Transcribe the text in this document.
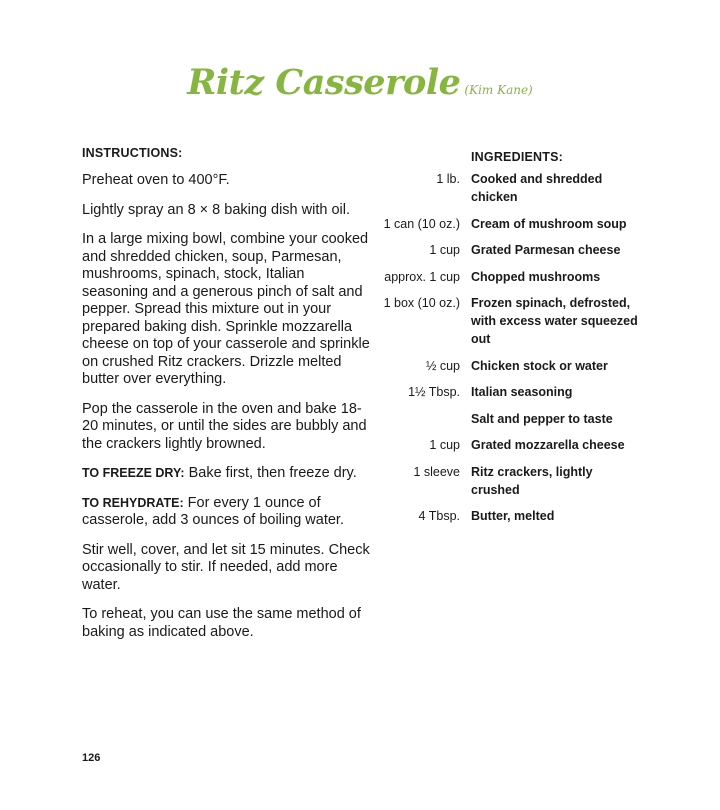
Ritz Casserole (Kim Kane)
INSTRUCTIONS:

Preheat oven to 400°F.

Lightly spray an 8 × 8 baking dish with oil.

In a large mixing bowl, combine your cooked and shredded chicken, soup, Parmesan, mushrooms, spinach, stock, Italian seasoning and a generous pinch of salt and pepper. Spread this mixture out in your prepared baking dish. Sprinkle mozzarella cheese on top of your casserole and sprinkle on crushed Ritz crackers. Drizzle melted butter over everything.

Pop the casserole in the oven and bake 18-20 minutes, or until the sides are bubbly and the crackers lightly browned.

TO FREEZE DRY: Bake first, then freeze dry.

TO REHYDRATE: For every 1 ounce of casserole, add 3 ounces of boiling water.

Stir well, cover, and let sit 15 minutes. Check occasionally to stir. If needed, add more water.

To reheat, you can use the same method of baking as indicated above.

INGREDIENTS:
1 lb. Cooked and shredded chicken
1 can (10 oz.) Cream of mushroom soup
1 cup Grated Parmesan cheese
approx. 1 cup Chopped mushrooms
1 box (10 oz.) Frozen spinach, defrosted, with excess water squeezed out
½ cup Chicken stock or water
1½ Tbsp. Italian seasoning
Salt and pepper to taste
1 cup Grated mozzarella cheese
1 sleeve Ritz crackers, lightly crushed
4 Tbsp. Butter, melted
126
